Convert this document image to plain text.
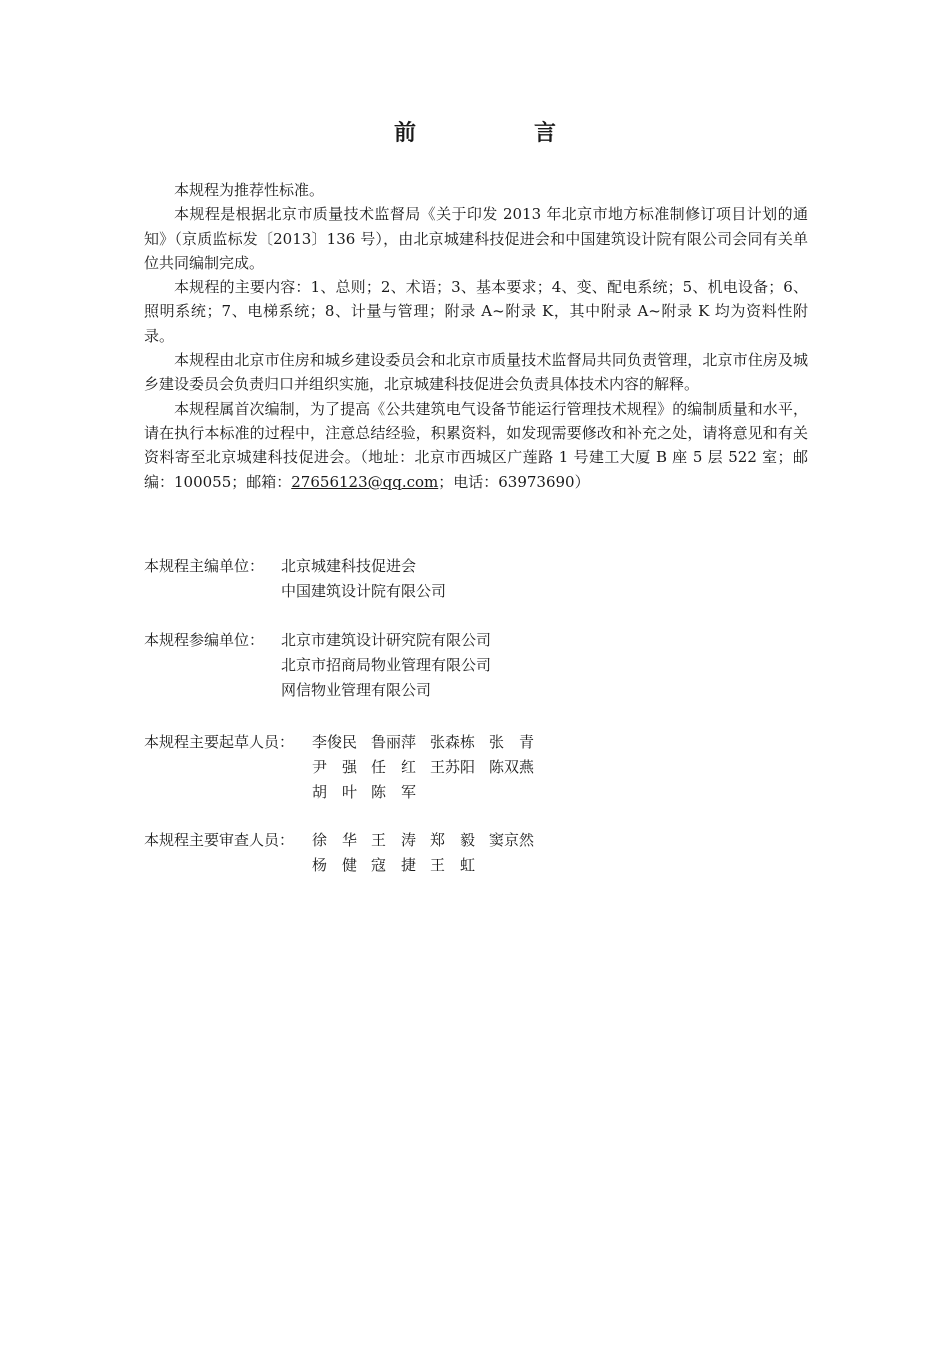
前　言

本规程为推荐性标准。

本规程是根据北京市质量技术监督局《关于印发 2013 年北京市地方标准制修订项目计划的通知》（京质监标发〔2013〕136 号），由北京城建科技促进会和中国建筑设计院有限公司会同有关单位共同编制完成。

本规程的主要内容：1、总则；2、术语；3、基本要求；4、变、配电系统；5、机电设备；6、照明系统；7、电梯系统；8、计量与管理；附录 A~附录 K，其中附录 A~附录 K 均为资料性附录。

本规程由北京市住房和城乡建设委员会和北京市质量技术监督局共同负责管理，北京市住房及城乡建设委员会负责归口并组织实施，北京城建科技促进会负责具体技术内容的解释。

本规程属首次编制，为了提高《公共建筑电气设备节能运行管理技术规程》的编制质量和水平，请在执行本标准的过程中，注意总结经验，积累资料，如发现需要修改和补充之处，请将意见和有关资料寄至北京城建科技促进会。（地址：北京市西城区广莲路 1 号建工大厦 B 座 5 层 522 室；邮编：100055；邮箱：27656123@qq.com；电话：63973690）

本规程主编单位： 北京城建科技促进会
中国建筑设计院有限公司
本规程参编单位： 北京市建筑设计研究院有限公司
北京市招商局物业管理有限公司
网信物业管理有限公司
本规程主要起草人员： 李俊民 鲁丽萍 张森栋 张　青
尹　强 任　红 王苏阳 陈双燕
胡　叶 陈　军
本规程主要审查人员： 徐　华 王　涛 郑　毅 窦京然
杨　健 寇　捷 王　虹
